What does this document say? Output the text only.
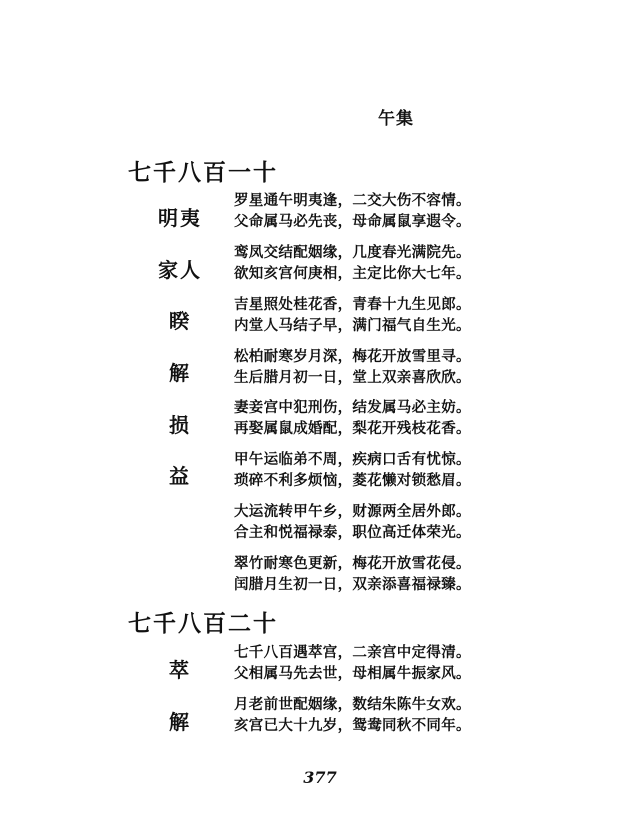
午集
七千八百一十
明夷
家人
睽
解
损
益
罗星通午明夷逢，二交大伤不容情。
父命属马必先丧，母命属鼠享遐令。
鸾凤交结配姻缘，几度春光满院先。
欲知亥宫何庚相，主定比你大七年。
吉星照处桂花香，青春十九生见郎。
内堂人马结子早，满门福气自生光。
松柏耐寒岁月深，梅花开放雪里寻。
生后腊月初一日，堂上双亲喜欣欣。
妻妾宫中犯刑伤，结发属马必主妨。
再娶属鼠成婚配，梨花开残枝花香。
甲午运临弟不周，疾病口舌有忧惊。
琐碎不利多烦恼，菱花懒对锁愁眉。
大运流转甲午乡，财源两全居外郎。
合主和悦福禄泰，职位高迁体荣光。
翠竹耐寒色更新，梅花开放雪花侵。
闰腊月生初一日，双亲添喜福禄臻。
七千八百二十
萃
解
七千八百遇萃宫，二亲宫中定得清。
父相属马先去世，母相属牛振家风。
月老前世配姻缘，数结朱陈牛女欢。
亥宫已大十九岁，鸳鸯同秋不同年。
377
